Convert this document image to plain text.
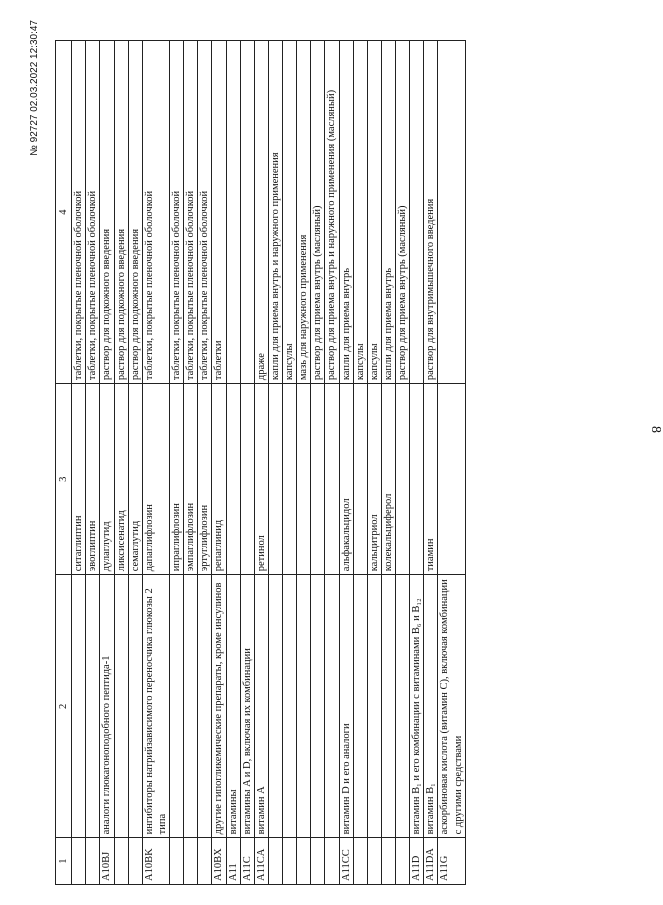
1	2	3	4
		ситаглиптин	таблетки, покрытые пленочной оболочкой
		эвоглиптин	таблетки, покрытые пленочной оболочкой
A10BJ	аналоги глюкагоноподобного пептида-1	дулаглутид	раствор для подкожного введения
		ликсисенатид	раствор для подкожного введения
		семаглутид	раствор для подкожного введения
A10BK	ингибиторы натрийзависимого переносчика глюкозы 2 типа	дапаглифлозин	таблетки, покрытые пленочной оболочкой
		ипраглифлозин	таблетки, покрытые пленочной оболочкой
		эмпаглифлозин	таблетки, покрытые пленочной оболочкой
		эртуглифлозин	таблетки, покрытые пленочной оболочкой
A10BX	другие гипогликемические препараты, кроме инсулинов	репаглинид	таблетки
A11	витамины		
A11C	витамины A и D, включая их комбинации		
A11CA	витамин A	ретинол	драже
			капли для приема внутрь и наружного применения
			капсулы
			мазь для наружного применения
			раствор для приема внутрь (масляный)
			раствор для приема внутрь и наружного применения (масляный)
A11CC	витамин D и его аналоги	альфакальцидол	капли для приема внутрь
			капсулы
		кальцитриол	капсулы
		колекальциферол	капли для приема внутрь
			раствор для приема внутрь (масляный)
A11D	витамин B₁ и его комбинации с витаминами B₆ и B₁₂		
A11DA	витамин B₁	тиамин	раствор для внутримышечного введения
A11G	аскорбиновая кислота (витамин C), включая комбинации с другими средствами		
8
№ 92727 02.03.2022 12:30:47
